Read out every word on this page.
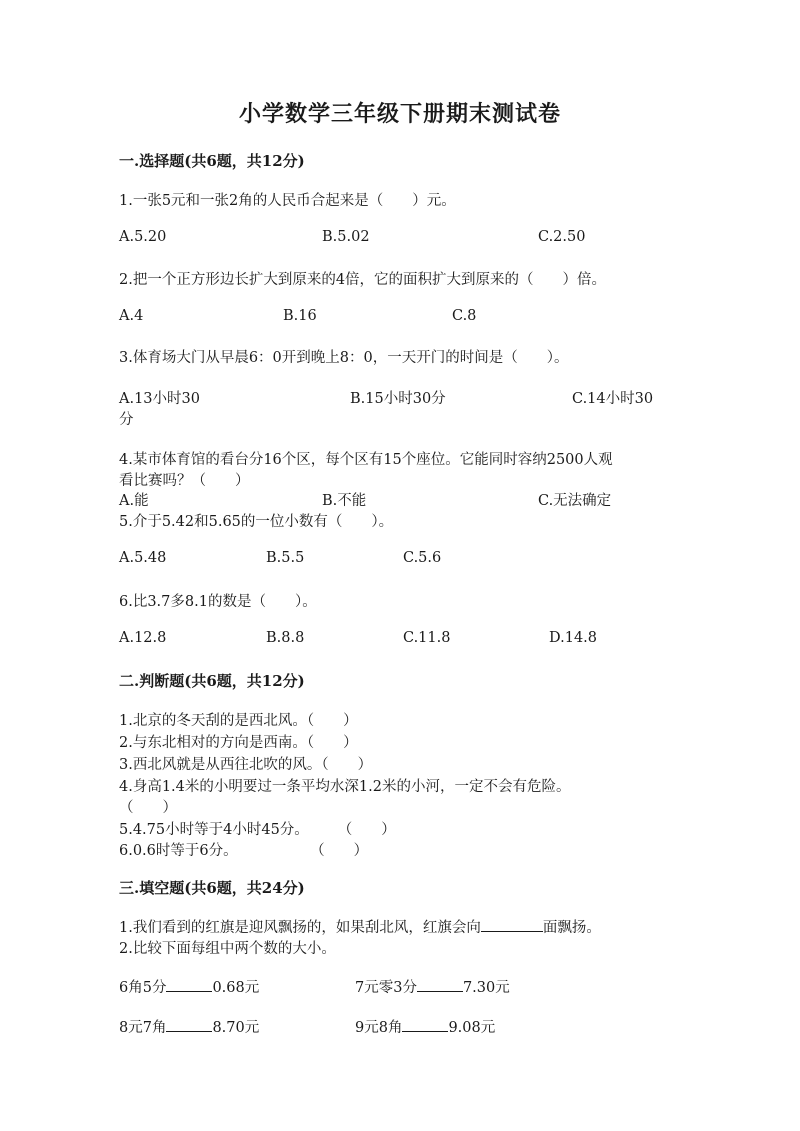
小学数学三年级下册期末测试卷
一.选择题(共6题，共12分)
1.一张5元和一张2角的人民币合起来是（　　）元。
A.5.20	B.5.02	C.2.50
2.把一个正方形边长扩大到原来的4倍，它的面积扩大到原来的（　　）倍。
A.4	B.16	C.8
3.体育场大门从早晨6：0开到晚上8：0，一天开门的时间是（　　）。
A.13小时30
分
B.15小时30分	C.14小时30
4.某市体育馆的看台分16个区，每个区有15个座位。它能同时容纳2500人观
看比赛吗？（　　）
A.能	B.不能	C.无法确定
5.介于5.42和5.65的一位小数有（　　）。
A.5.48	B.5.5	C.5.6
6.比3.7多8.1的数是（　　）。
A.12.8	B.8.8	C.11.8	D.14.8
二.判断题(共6题，共12分)
1.北京的冬天刮的是西北风。（　　）
2.与东北相对的方向是西南。（　　）
3.西北风就是从西往北吹的风。（　　）
4.身高1.4米的小明要过一条平均水深1.2米的小河，一定不会有危险。
（　　）
5.4.75小时等于4小时45分。　　　（　　）
6.0.6时等于6分。　　　　　　（　　）
三.填空题(共6题，共24分)
1.我们看到的红旗是迎风飘扬的，如果刮北风，红旗会向	面飘扬。
2.比较下面每组中两个数的大小。
6角5分	0.68元	7元零3分	7.30元
8元7角	8.70元	9元8角	9.08元
